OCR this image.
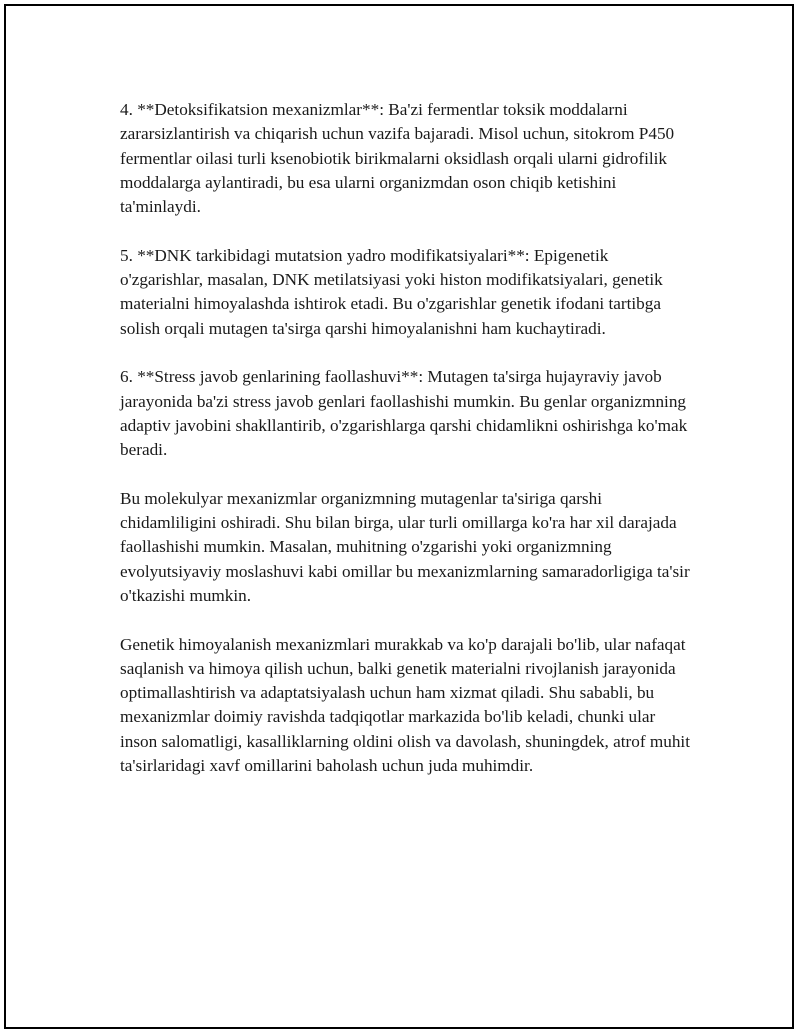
4. **Detoksifikatsion mexanizmlar**: Ba'zi fermentlar toksik moddalarni zararsizlantirish va chiqarish uchun vazifa bajaradi. Misol uchun, sitokrom P450 fermentlar oilasi turli ksenobiotik birikmalarni oksidlash orqali ularni gidrofilik moddalarga aylantiradi, bu esa ularni organizmdan oson chiqib ketishini ta'minlaydi.

5. **DNK tarkibidagi mutatsion yadro modifikatsiyalari**: Epigenetik o'zgarishlar, masalan, DNK metilatsiyasi yoki histon modifikatsiyalari, genetik materialni himoyalashda ishtirok etadi. Bu o'zgarishlar genetik ifodani tartibga solish orqali mutagen ta'sirga qarshi himoyalanishni ham kuchaytiradi.

6. **Stress javob genlarining faollashuvi**: Mutagen ta'sirga hujayraviy javob jarayonida ba'zi stress javob genlari faollashishi mumkin. Bu genlar organizmning adaptiv javobini shakllantirib, o'zgarishlarga qarshi chidamlikni oshirishga ko'mak beradi.

Bu molekulyar mexanizmlar organizmning mutagenlar ta'siriga qarshi chidamliligini oshiradi. Shu bilan birga, ular turli omillarga ko'ra har xil darajada faollashishi mumkin. Masalan, muhitning o'zgarishi yoki organizmning evolyutsiyaviy moslashuvi kabi omillar bu mexanizmlarning samaradorligiga ta'sir o'tkazishi mumkin.

Genetik himoyalanish mexanizmlari murakkab va ko'p darajali bo'lib, ular nafaqat saqlanish va himoya qilish uchun, balki genetik materialni rivojlanish jarayonida optimallashtirish va adaptatsiyalash uchun ham xizmat qiladi. Shu sababli, bu mexanizmlar doimiy ravishda tadqiqotlar markazida bo'lib keladi, chunki ular inson salomatligi, kasalliklarning oldini olish va davolash, shuningdek, atrof muhit ta'sirlaridagi xavf omillarini baholash uchun juda muhimdir.
